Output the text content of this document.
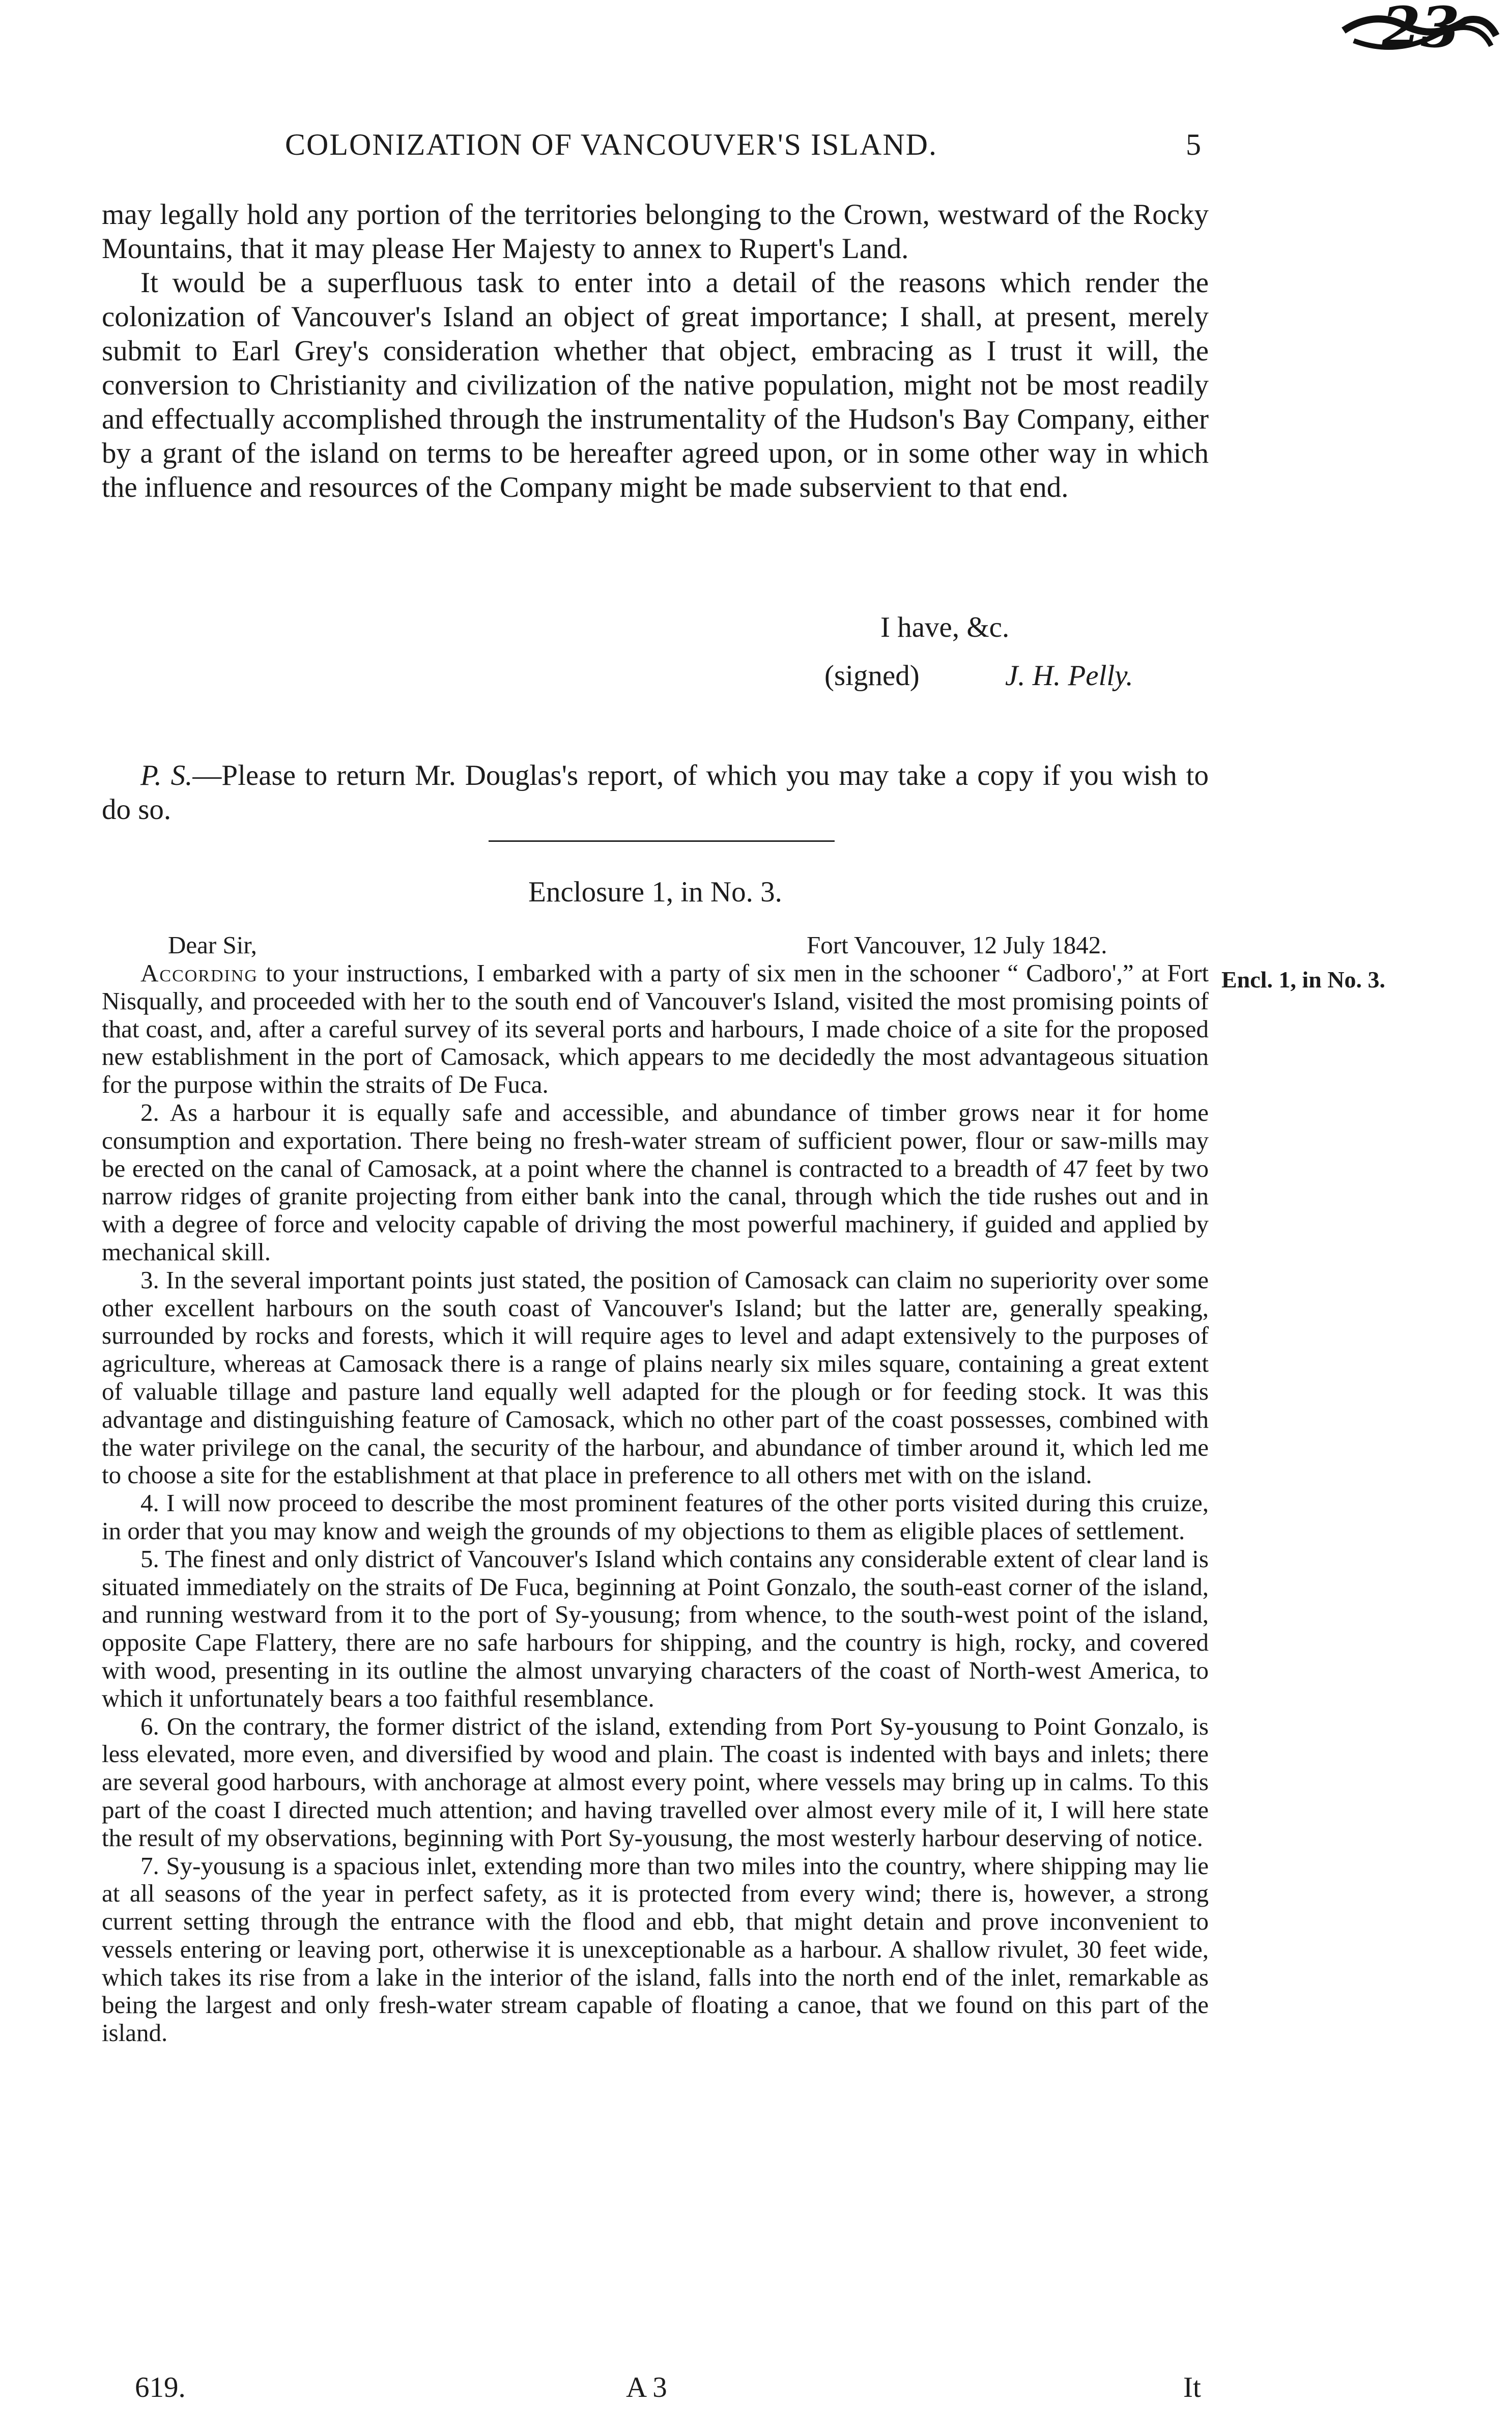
23
COLONIZATION OF VANCOUVER'S ISLAND.	5

may legally hold any portion of the territories belonging to the Crown, westward of the Rocky Mountains, that it may please Her Majesty to annex to Rupert's Land.

It would be a superfluous task to enter into a detail of the reasons which render the colonization of Vancouver's Island an object of great importance; I shall, at present, merely submit to Earl Grey's consideration whether that object, embracing as I trust it will, the conversion to Christianity and civilization of the native population, might not be most readily and effectually accomplished through the instrumentality of the Hudson's Bay Company, either by a grant of the island on terms to be hereafter agreed upon, or in some other way in which the influence and resources of the Company might be made subservient to that end.

I have, &c.
(signed)	J. H. Pelly.

P. S.—Please to return Mr. Douglas's report, of which you may take a copy if you wish to do so.

Enclosure 1, in No. 3.
Dear Sir,	Fort Vancouver, 12 July 1842.
Encl. 1, in No. 3.

According to your instructions, I embarked with a party of six men in the schooner “ Cadboro',” at Fort Nisqually, and proceeded with her to the south end of Vancouver's Island, visited the most promising points of that coast, and, after a careful survey of its several ports and harbours, I made choice of a site for the proposed new establishment in the port of Camosack, which appears to me decidedly the most advantageous situation for the purpose within the straits of De Fuca.

2. As a harbour it is equally safe and accessible, and abundance of timber grows near it for home consumption and exportation. There being no fresh-water stream of sufficient power, flour or saw-mills may be erected on the canal of Camosack, at a point where the channel is contracted to a breadth of 47 feet by two narrow ridges of granite projecting from either bank into the canal, through which the tide rushes out and in with a degree of force and velocity capable of driving the most powerful machinery, if guided and applied by mechanical skill.

3. In the several important points just stated, the position of Camosack can claim no superiority over some other excellent harbours on the south coast of Vancouver's Island; but the latter are, generally speaking, surrounded by rocks and forests, which it will require ages to level and adapt extensively to the purposes of agriculture, whereas at Camosack there is a range of plains nearly six miles square, containing a great extent of valuable tillage and pasture land equally well adapted for the plough or for feeding stock. It was this advantage and distinguishing feature of Camosack, which no other part of the coast possesses, combined with the water privilege on the canal, the security of the harbour, and abundance of timber around it, which led me to choose a site for the establishment at that place in preference to all others met with on the island.

4. I will now proceed to describe the most prominent features of the other ports visited during this cruize, in order that you may know and weigh the grounds of my objections to them as eligible places of settlement.

5. The finest and only district of Vancouver's Island which contains any considerable extent of clear land is situated immediately on the straits of De Fuca, beginning at Point Gonzalo, the south-east corner of the island, and running westward from it to the port of Sy-yousung; from whence, to the south-west point of the island, opposite Cape Flattery, there are no safe harbours for shipping, and the country is high, rocky, and covered with wood, presenting in its outline the almost unvarying characters of the coast of North-west America, to which it unfortunately bears a too faithful resemblance.

6. On the contrary, the former district of the island, extending from Port Sy-yousung to Point Gonzalo, is less elevated, more even, and diversified by wood and plain. The coast is indented with bays and inlets; there are several good harbours, with anchorage at almost every point, where vessels may bring up in calms. To this part of the coast I directed much attention; and having travelled over almost every mile of it, I will here state the result of my observations, beginning with Port Sy-yousung, the most westerly harbour deserving of notice.

7. Sy-yousung is a spacious inlet, extending more than two miles into the country, where shipping may lie at all seasons of the year in perfect safety, as it is protected from every wind; there is, however, a strong current setting through the entrance with the flood and ebb, that might detain and prove inconvenient to vessels entering or leaving port, otherwise it is unexceptionable as a harbour. A shallow rivulet, 30 feet wide, which takes its rise from a lake in the interior of the island, falls into the north end of the inlet, remarkable as being the largest and only fresh-water stream capable of floating a canoe, that we found on this part of the island.

619.	A 3	It
